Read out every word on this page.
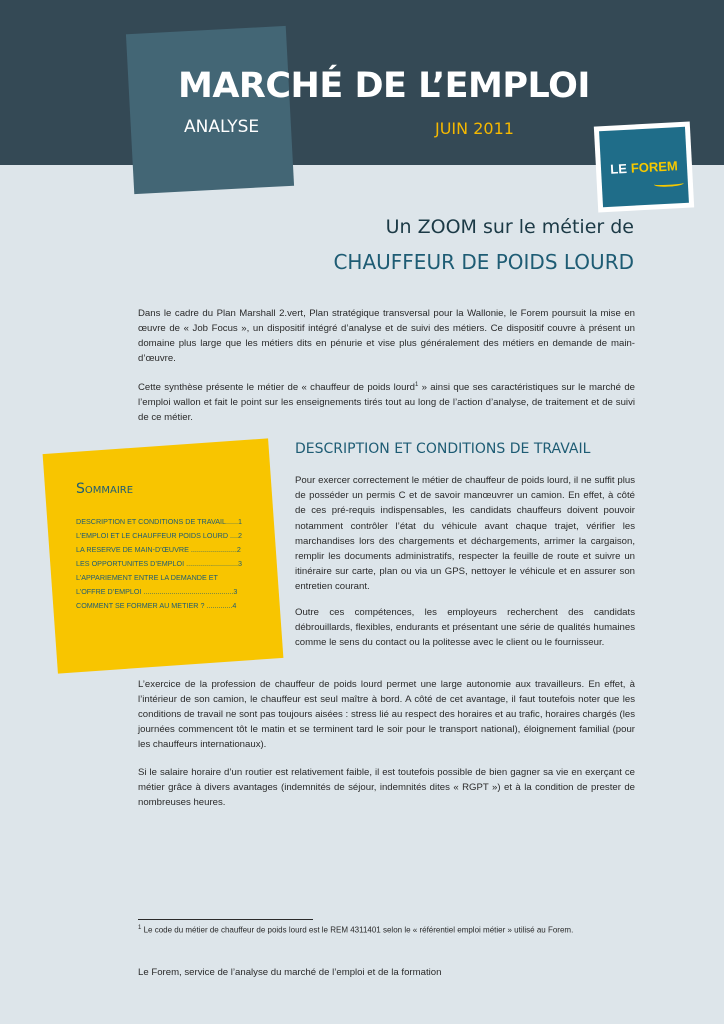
MARCHÉ DE L’EMPLOI
ANALYSE	JUIN 2011
LE FOREM
Un ZOOM sur le métier de
CHAUFFEUR DE POIDS LOURD

Dans le cadre du Plan Marshall 2.vert, Plan stratégique transversal pour la Wallonie, le Forem poursuit la mise en œuvre de « Job Focus », un dispositif intégré d’analyse et de suivi des métiers. Ce dispositif couvre à présent un domaine plus large que les métiers dits en pénurie et vise plus généralement des métiers en demande de main-d’œuvre.

Cette synthèse présente le métier de « chauffeur de poids lourd$^1$ » ainsi que ses caractéristiques sur le marché de l’emploi wallon et fait le point sur les enseignements tirés tout au long de l’action d’analyse, de traitement et de suivi de ce métier.

Sommaire
DESCRIPTION ET CONDITIONS DE TRAVAIL......1
L’EMPLOI ET LE CHAUFFEUR POIDS LOURD ....2
LA RESERVE DE MAIN-D’ŒUVRE .......................2
LES OPPORTUNITES D’EMPLOI ..........................3
L’APPARIEMENT ENTRE LA DEMANDE ET
L’OFFRE D’EMPLOI .............................................3
COMMENT SE FORMER AU METIER ? .............4
DESCRIPTION ET CONDITIONS DE TRAVAIL

Pour exercer correctement le métier de chauffeur de poids lourd, il ne suffit plus de posséder un permis C et de savoir manœuvrer un camion. En effet, à côté de ces pré-requis indispensables, les candidats chauffeurs doivent pouvoir notamment contrôler l’état du véhicule avant chaque trajet, vérifier les marchandises lors des chargements et déchargements, arrimer la cargaison, remplir les documents administratifs, respecter la feuille de route et suivre un itinéraire sur carte, plan ou via un GPS, nettoyer le véhicule et en assurer son entretien courant.

Outre ces compétences, les employeurs recherchent des candidats débrouillards, flexibles, endurants et présentant une série de qualités humaines comme le sens du contact ou la politesse avec le client ou le fournisseur.

L’exercice de la profession de chauffeur de poids lourd permet une large autonomie aux travailleurs. En effet, à l’intérieur de son camion, le chauffeur est seul maître à bord. A côté de cet avantage, il faut toutefois noter que les conditions de travail ne sont pas toujours aisées : stress lié au respect des horaires et au trafic, horaires chargés (les journées commencent tôt le matin et se terminent tard le soir pour le transport national), éloignement familial (pour les chauffeurs internationaux).

Si le salaire horaire d’un routier est relativement faible, il est toutefois possible de bien gagner sa vie en exerçant ce métier grâce à divers avantages (indemnités de séjour, indemnités dites « RGPT ») et à la condition de prester de nombreuses heures.

$^1$ Le code du métier de chauffeur de poids lourd est le REM 4311401 selon le « référentiel emploi métier » utilisé au Forem.
Le Forem, service de l’analyse du marché de l’emploi et de la formation
